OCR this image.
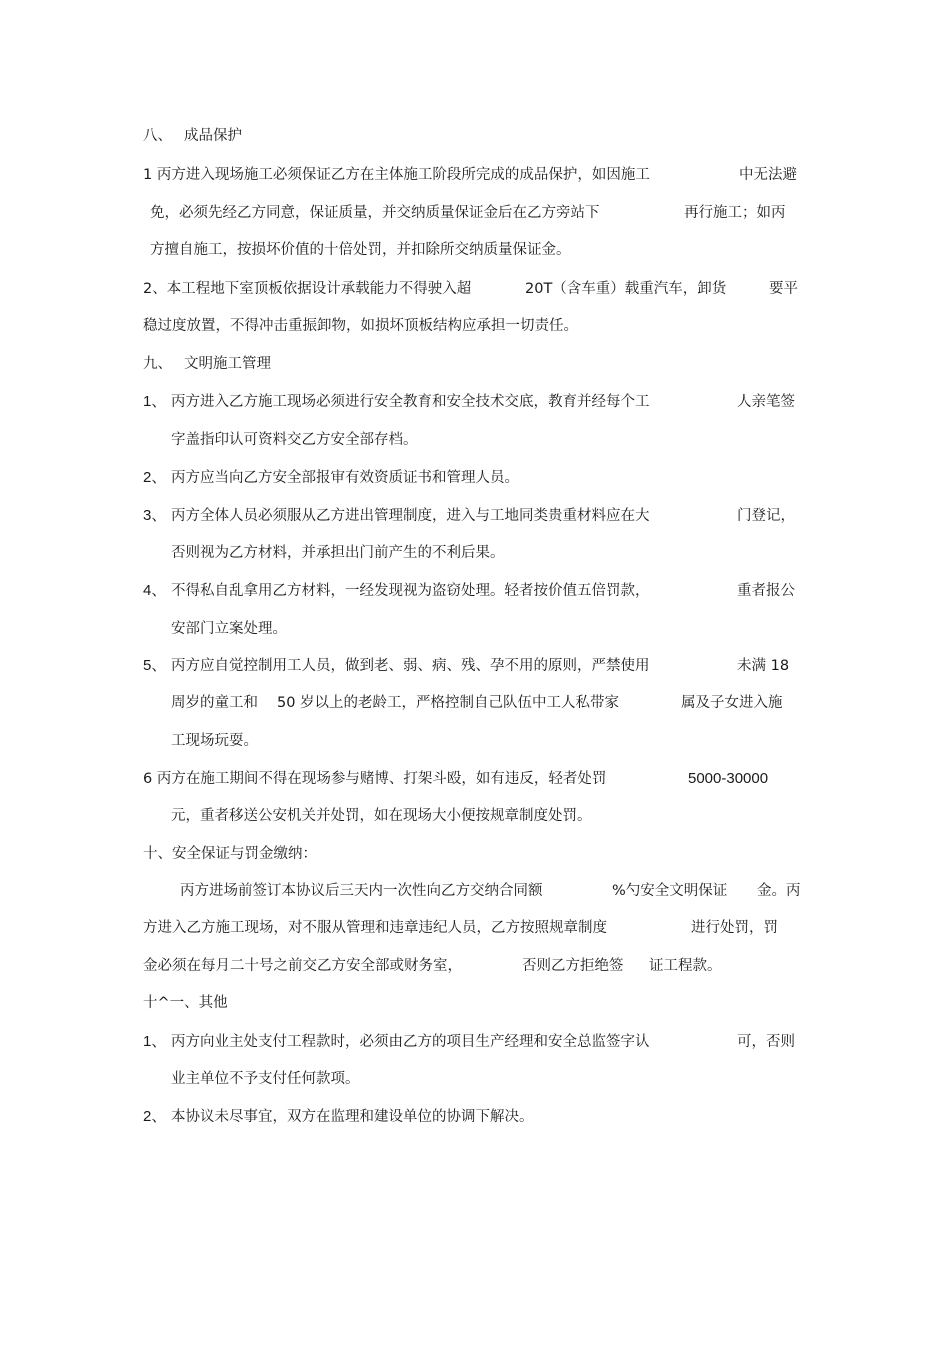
八、 成品保护
1 丙方进入现场施工必须保证乙方在主体施工阶段所完成的成品保护，如因施工	中无法避
免，必须先经乙方同意，保证质量，并交纳质量保证金后在乙方旁站下	再行施工；如丙
方擅自施工，按损坏价值的十倍处罚，并扣除所交纳质量保证金。
2、本工程地下室顶板依据设计承载能力不得驶入超	20T（含车重）载重汽车，卸货	要平
稳过度放置，不得冲击重振卸物，如损坏顶板结构应承担一切责任。
九、 文明施工管理
1、 丙方进入乙方施工现场必须进行安全教育和安全技术交底，教育并经每个工	人亲笔签
字盖指印认可资料交乙方安全部存档。
2、 丙方应当向乙方安全部报审有效资质证书和管理人员。
3、 丙方全体人员必须服从乙方进出管理制度，进入与工地同类贵重材料应在大	门登记，
否则视为乙方材料，并承担出门前产生的不利后果。
4、 不得私自乱拿用乙方材料，一经发现视为盗窃处理。轻者按价值五倍罚款，	重者报公
安部门立案处理。
5、 丙方应自觉控制用工人员，做到老、弱、病、残、孕不用的原则，严禁使用	未满 18
周岁的童工和 50 岁以上的老龄工，严格控制自己队伍中工人私带家	属及子女进入施
工现场玩耍。
6 丙方在施工期间不得在现场参与赌博、打架斗殴，如有违反，轻者处罚	5000-30000
元，重者移送公安机关并处罚，如在现场大小便按规章制度处罚。
十、安全保证与罚金缴纳：
丙方进场前签订本协议后三天内一次性向乙方交纳合同额	%勺安全文明保证 金。丙
方进入乙方施工现场，对不服从管理和违章违纪人员，乙方按照规章制度	进行处罚，罚
金必须在每月二十号之前交乙方安全部或财务室，	否则乙方拒绝签 证工程款。
十^一、其他
1、 丙方向业主处支付工程款时，必须由乙方的项目生产经理和安全总监签字认	可，否则
业主单位不予支付任何款项。
2、 本协议未尽事宜，双方在监理和建设单位的协调下解决。
